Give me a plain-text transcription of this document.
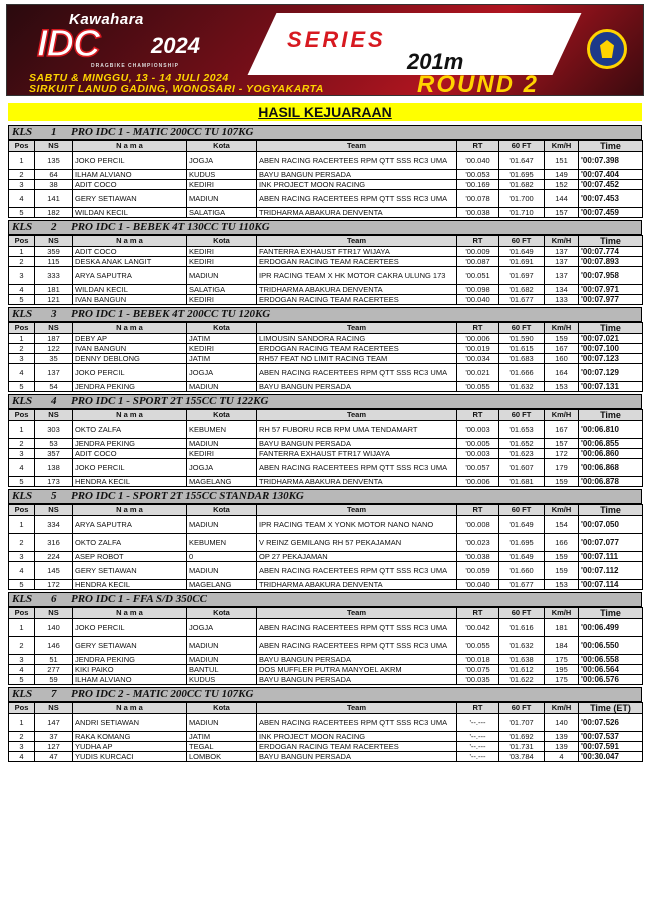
Kawahara
IDC 2024
DRAGBIKE CHAMPIONSHIP
SERIES
201m
SABTU & MINGGU, 13 - 14 JULI 2024
SIRKUIT LANUD GADING, WONOSARI - YOGYAKARTA	ROUND 2
HASIL KEJUARAAN
KLS 1 PRO IDC 1 - MATIC 200CC TU 107KG
Pos	NS	N a m a	Kota	Team	RT	60 FT	Km/H	Time
1	135	JOKO PERCIL	JOGJA	ABEN RACING RACERTEES RPM QTT SSS RC3 UMA	'00.040	'01.647	151	'00:07.398
2	64	ILHAM ALVIANO	KUDUS	BAYU BANGUN PERSADA	'00.053	'01.695	149	'00:07.404
3	38	ADIT COCO	KEDIRI	INK PROJECT MOON RACING	'00.169	'01.682	152	'00:07.452
4	141	GERY SETIAWAN	MADIUN	ABEN RACING RACERTEES RPM QTT SSS RC3 UMA	'00.078	'01.700	144	'00:07.453
5	182	WILDAN KECIL	SALATIGA	TRIDHARMA ABAKURA DENVENTA	'00.038	'01.710	157	'00:07.459
KLS 2 PRO IDC 1 - BEBEK 4T 130CC TU 110KG
Pos	NS	N a m a	Kota	Team	RT	60 FT	Km/H	Time
1	359	ADIT COCO	KEDIRI	FANTERRA EXHAUST FTR17 WIJAYA	'00.009	'01.649	137	'00:07.774
2	115	DESKA ANAK LANGIT	KEDIRI	ERDOGAN RACING TEAM RACERTEES	'00.087	'01.691	137	'00:07.893
3	333	ARYA SAPUTRA	MADIUN	IPR RACING TEAM X HK MOTOR CAKRA ULUNG 173	'00.051	'01.697	137	'00:07.958
4	181	WILDAN KECIL	SALATIGA	TRIDHARMA ABAKURA DENVENTA	'00.098	'01.682	134	'00:07.971
5	121	IVAN BANGUN	KEDIRI	ERDOGAN RACING TEAM RACERTEES	'00.040	'01.677	133	'00:07.977
KLS 3 PRO IDC 1 - BEBEK 4T 200CC TU 120KG
Pos	NS	N a m a	Kota	Team	RT	60 FT	Km/H	Time
1	187	DEBY AP	JATIM	LIMOUSIN SANDORA RACING	'00.006	'01.590	159	'00:07.021
2	122	IVAN BANGUN	KEDIRI	ERDOGAN RACING TEAM RACERTEES	'00.019	'01.615	167	'00:07.100
3	35	DENNY DEBLONG	JATIM	RH57 FEAT NO LIMIT RACING TEAM	'00.034	'01.683	160	'00:07.123
4	137	JOKO PERCIL	JOGJA	ABEN RACING RACERTEES RPM QTT SSS RC3 UMA	'00.021	'01.666	164	'00:07.129
5	54	JENDRA PEKING	MADIUN	BAYU BANGUN PERSADA	'00.055	'01.632	153	'00:07.131
KLS 4 PRO IDC 1 - SPORT 2T 155CC TU 122KG
Pos	NS	N a m a	Kota	Team	RT	60 FT	Km/H	Time
1	303	OKTO ZALFA	KEBUMEN	RH 57 FUBORU RCB RPM UMA TENDAMART	'00.003	'01.653	167	'00:06.810
2	53	JENDRA PEKING	MADIUN	BAYU BANGUN PERSADA	'00.005	'01.652	157	'00:06.855
3	357	ADIT COCO	KEDIRI	FANTERRA EXHAUST FTR17 WIJAYA	'00.003	'01.623	172	'00:06.860
4	138	JOKO PERCIL	JOGJA	ABEN RACING RACERTEES RPM QTT SSS RC3 UMA	'00.057	'01.607	179	'00:06.868
5	173	HENDRA KECIL	MAGELANG	TRIDHARMA ABAKURA DENVENTA	'00.006	'01.681	159	'00:06.878
KLS 5 PRO IDC 1 - SPORT 2T 155CC STANDAR 130KG
Pos	NS	N a m a	Kota	Team	RT	60 FT	Km/H	Time
1	334	ARYA SAPUTRA	MADIUN	IPR RACING TEAM X YONK MOTOR NANO NANO	'00.008	'01.649	154	'00:07.050
2	316	OKTO ZALFA	KEBUMEN	V REINZ GEMILANG RH 57 PEKAJAMAN	'00.023	'01.695	166	'00:07.077
3	224	ASEP ROBOT	0	OP 27 PEKAJAMAN	'00.038	'01.649	159	'00:07.111
4	145	GERY SETIAWAN	MADIUN	ABEN RACING RACERTEES RPM QTT SSS RC3 UMA	'00.059	'01.660	159	'00:07.112
5	172	HENDRA KECIL	MAGELANG	TRIDHARMA ABAKURA DENVENTA	'00.040	'01.677	153	'00:07.114
KLS 6 PRO IDC 1 - FFA S/D 350CC
Pos	NS	N a m a	Kota	Team	RT	60 FT	Km/H	Time
1	140	JOKO PERCIL	JOGJA	ABEN RACING RACERTEES RPM QTT SSS RC3 UMA	'00.042	'01.616	181	'00:06.499
2	146	GERY SETIAWAN	MADIUN	ABEN RACING RACERTEES RPM QTT SSS RC3 UMA	'00.055	'01.632	184	'00:06.550
3	51	JENDRA PEKING	MADIUN	BAYU BANGUN PERSADA	'00.018	'01.638	175	'00:06.558
4	277	KIKI PAIKO	BANTUL	DOS MUFFLER PUTRA MANYOEL AKRM	'00.075	'01.612	195	'00:06.564
5	59	ILHAM ALVIANO	KUDUS	BAYU BANGUN PERSADA	'00.035	'01.622	175	'00:06.576
KLS 7 PRO IDC 2 - MATIC 200CC TU 107KG
Pos	NS	N a m a	Kota	Team	RT	60 FT	Km/H	Time (ET)
1	147	ANDRI SETIAWAN	MADIUN	ABEN RACING RACERTEES RPM QTT SSS RC3 UMA	'--.---	'01.707	140	'00:07.526
2	37	RAKA KOMANG	JATIM	INK PROJECT MOON RACING	'--.---	'01.692	139	'00:07.537
3	127	YUDHA AP	TEGAL	ERDOGAN RACING TEAM RACERTEES	'--.---	'01.731	139	'00:07.591
4	47	YUDIS KURCACI	LOMBOK	BAYU BANGUN PERSADA	'--.---	'03.784	4	'00:30.047
